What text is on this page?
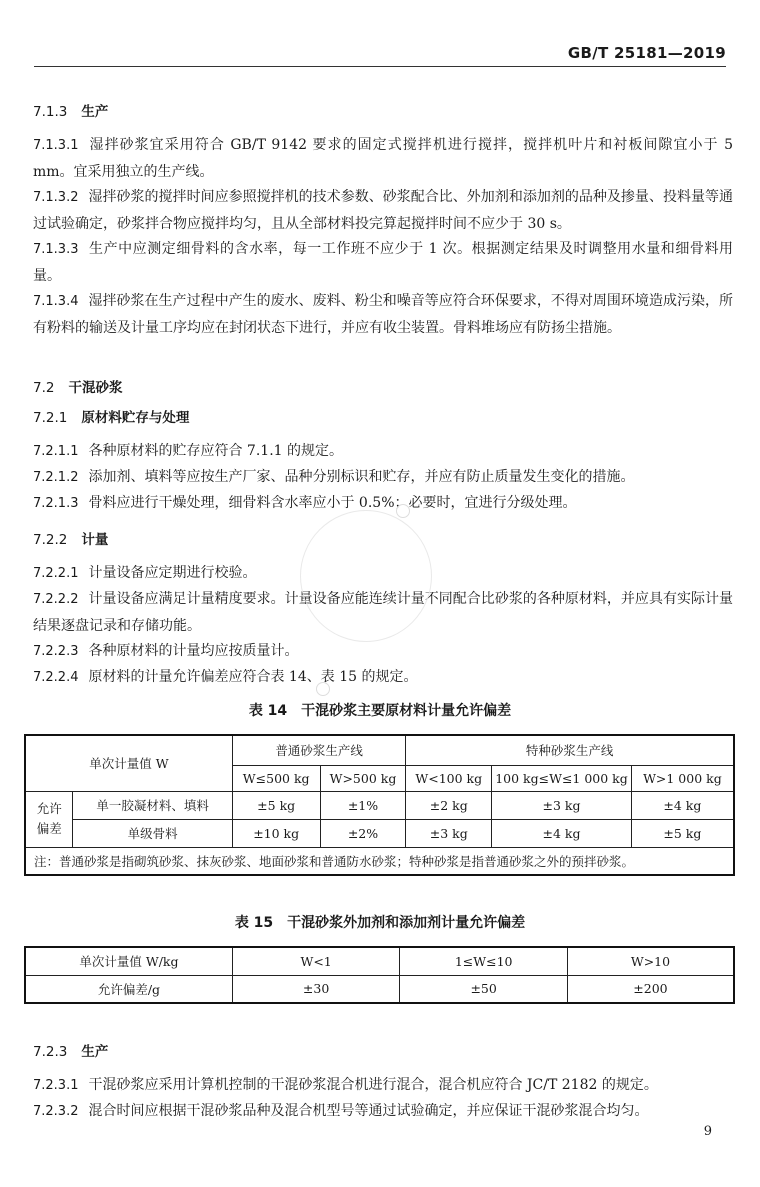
GB/T 25181—2019
7.1.3 生产
7.1.3.1 湿拌砂浆宜采用符合 GB/T 9142 要求的固定式搅拌机进行搅拌，搅拌机叶片和衬板间隙宜小于 5 mm。宜采用独立的生产线。
7.1.3.2 湿拌砂浆的搅拌时间应参照搅拌机的技术参数、砂浆配合比、外加剂和添加剂的品种及掺量、投料量等通过试验确定，砂浆拌合物应搅拌均匀，且从全部材料投完算起搅拌时间不应少于 30 s。
7.1.3.3 生产中应测定细骨料的含水率，每一工作班不应少于 1 次。根据测定结果及时调整用水量和细骨料用量。
7.1.3.4 湿拌砂浆在生产过程中产生的废水、废料、粉尘和噪音等应符合环保要求，不得对周围环境造成污染，所有粉料的输送及计量工序均应在封闭状态下进行，并应有收尘装置。骨料堆场应有防扬尘措施。
7.2 干混砂浆
7.2.1 原材料贮存与处理
7.2.1.1 各种原材料的贮存应符合 7.1.1 的规定。
7.2.1.2 添加剂、填料等应按生产厂家、品种分别标识和贮存，并应有防止质量发生变化的措施。
7.2.1.3 骨料应进行干燥处理，细骨料含水率应小于 0.5%；必要时，宜进行分级处理。
7.2.2 计量
7.2.2.1 计量设备应定期进行校验。
7.2.2.2 计量设备应满足计量精度要求。计量设备应能连续计量不同配合比砂浆的各种原材料，并应具有实际计量结果逐盘记录和存储功能。
7.2.2.3 各种原材料的计量均应按质量计。
7.2.2.4 原材料的计量允许偏差应符合表 14、表 15 的规定。
表 14　干混砂浆主要原材料计量允许偏差
单次计量值 W		普通砂浆生产线		特种砂浆生产线		
		W≤500 kg	W>500 kg	W<100 kg	100 kg≤W≤1 000 kg	W>1 000 kg
允许偏差	单一胶凝材料、填料	±5 kg	±1%	±2 kg	±3 kg	±4 kg
	单级骨料	±10 kg	±2%	±3 kg	±4 kg	±5 kg
注：普通砂浆是指砌筑砂浆、抹灰砂浆、地面砂浆和普通防水砂浆；特种砂浆是指普通砂浆之外的预拌砂浆。						
表 15　干混砂浆外加剂和添加剂计量允许偏差
单次计量值 W/kg	W<1	1≤W≤10	W>10
允许偏差/g	±30	±50	±200
7.2.3 生产
7.2.3.1 干混砂浆应采用计算机控制的干混砂浆混合机进行混合，混合机应符合 JC/T 2182 的规定。
7.2.3.2 混合时间应根据干混砂浆品种及混合机型号等通过试验确定，并应保证干混砂浆混合均匀。
9
